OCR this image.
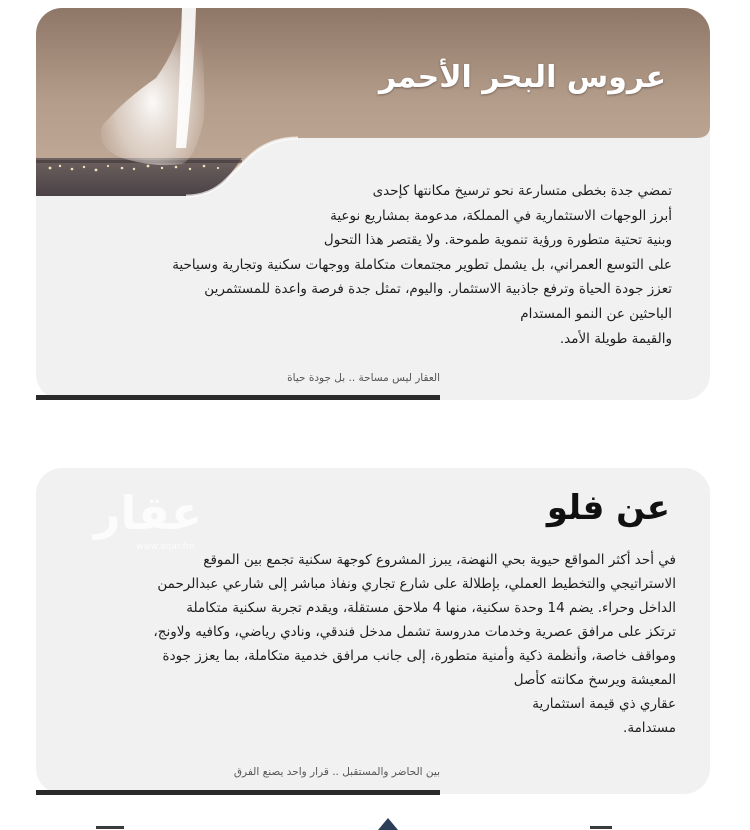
عروس البحر الأحمر
تمضي جدة بخطى متسارعة نحو ترسيخ مكانتها كإحدى
أبرز الوجهات الاستثمارية في المملكة، مدعومة بمشاريع نوعية
وبنية تحتية متطورة ورؤية تنموية طموحة. ولا يقتصر هذا التحول
على التوسع العمراني، بل يشمل تطوير مجتمعات متكاملة ووجهات سكنية وتجارية وسياحية
تعزز جودة الحياة وترفع جاذبية الاستثمار. واليوم، تمثل جدة فرصة واعدة للمستثمرين
الباحثين عن النمو المستدام
والقيمة طويلة الأمد.
العقار ليس مساحة .. بل جودة حياة
عقار
www.aqar.fm
عن فلو
في أحد أكثر المواقع حيوية بحي النهضة، يبرز المشروع كوجهة سكنية تجمع بين الموقع
الاستراتيجي والتخطيط العملي، بإطلالة على شارع تجاري ونفاذ مباشر إلى شارعي عبدالرحمن
الداخل وحراء. يضم 14 وحدة سكنية، منها 4 ملاحق مستقلة، ويقدم تجربة سكنية متكاملة
ترتكز على مرافق عصرية وخدمات مدروسة تشمل مدخل فندقي، ونادي رياضي، وكافيه ولاونج،
ومواقف خاصة، وأنظمة ذكية وأمنية متطورة، إلى جانب مرافق خدمية متكاملة، بما يعزز جودة
المعيشة ويرسخ مكانته كأصل
عقاري ذي قيمة استثمارية
مستدامة.
بين الحاضر والمستقبل .. قرار واحد يصنع الفرق
